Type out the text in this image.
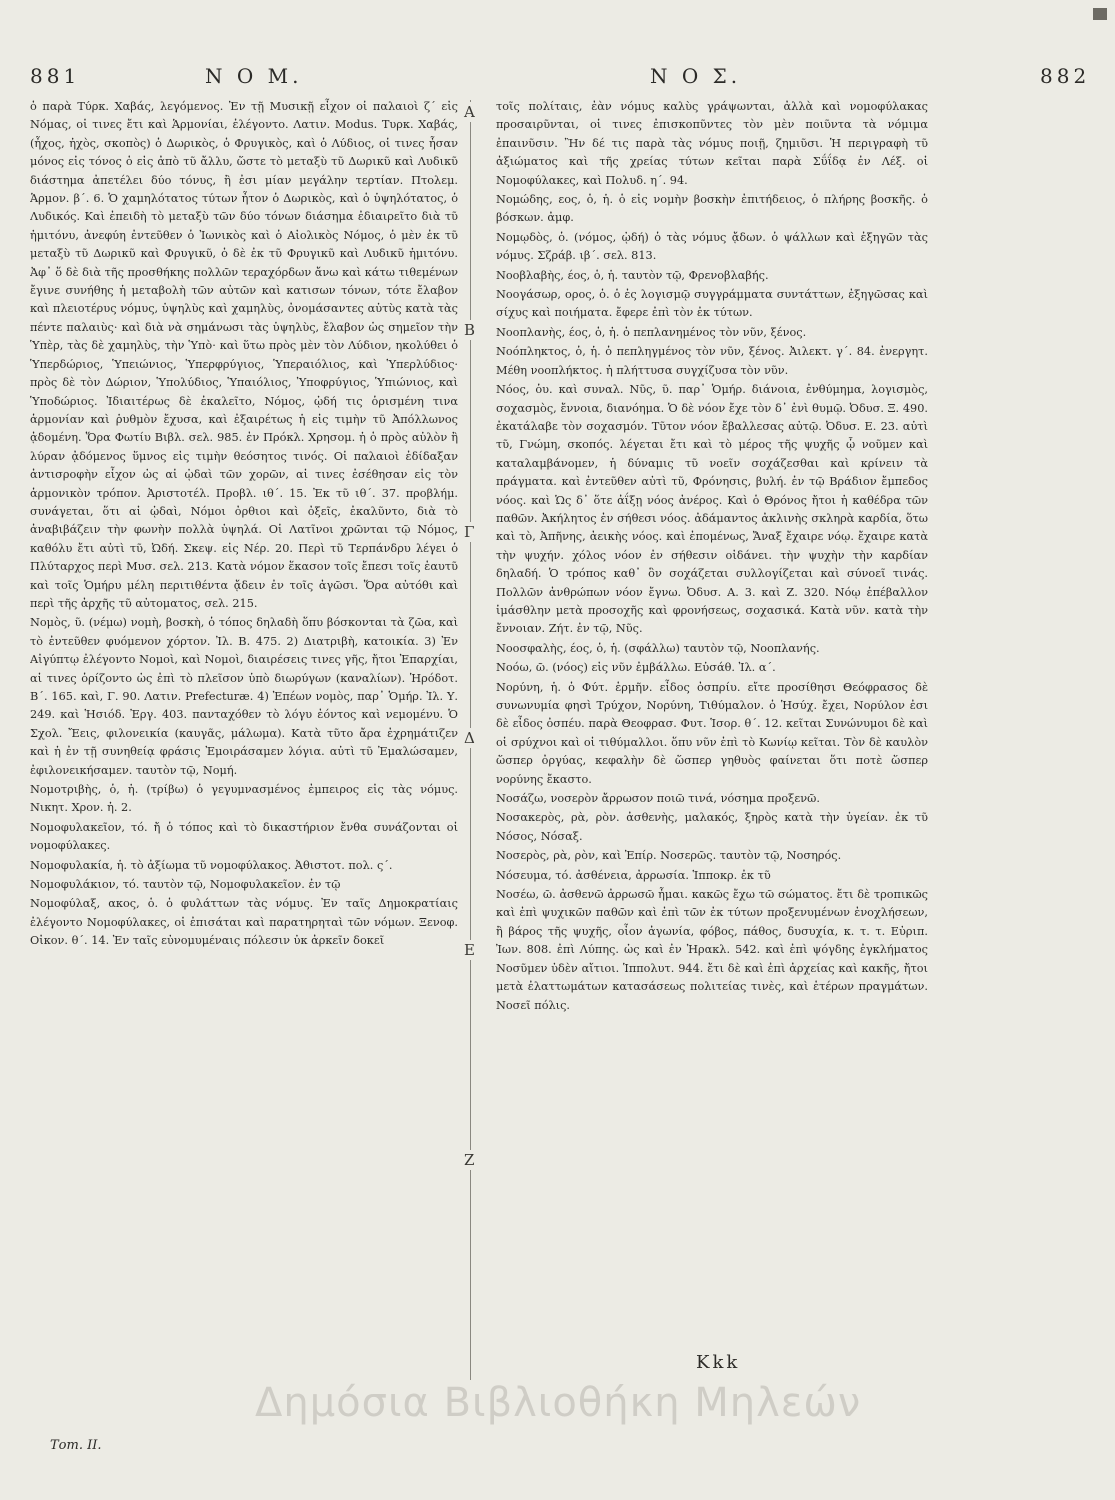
881	Ν Ο Μ.	Ν Ο Σ.	882

ὁ παρὰ Τύρκ. Χαβάς, λεγόμενος. Ἐν τῇ Μυσικῇ εἶχον οἱ παλαιοὶ ζ΄ εἰς Νόμας, οἱ τινες ἔτι καὶ Ἁρμονίαι, ἐλέγοντο. Λατιν. Modus. Τυρκ. Χαβάς, (ἦχος, ἠχὸς, σκοπὸς) ὁ Δωρικὸς, ὁ Φρυγικὸς, καὶ ὁ Λύδιος, οἱ τινες ἦσαν μόνος εἰς τόνος ὁ εἰς ἀπὸ τῦ ἄλλυ, ὥστε τὸ μεταξὺ τῦ Δωρικῦ καὶ Λυδικῦ διάστημα ἀπετέλει δύο τόνυς, ἢ ἐσι μίαν μεγάλην τερτίαν. Πτολεμ. Ἁρμον. β΄. 6. Ὁ χαμηλότατος τύτων ἦτον ὁ Δωρικὸς, καὶ ὁ ὑψηλότατος, ὁ Λυδικός. Καὶ ἐπειδὴ τὸ μεταξὺ τῶν δύο τόνων διάσημα ἐδιαιρεῖτο διὰ τῦ ἡμιτόνυ, ἀνεφύη ἐντεῦθεν ὁ Ἰωνικὸς καὶ ὁ Αἰολικὸς Νόμος, ὁ μὲν ἐκ τῦ μεταξὺ τῦ Δωρικῦ καὶ Φρυγικῦ, ὁ δὲ ἐκ τῦ Φρυγικῦ καὶ Λυδικῦ ἡμιτόνυ. Ἀφ᾿ ὅ δὲ διὰ τῆς προσθήκης πολλῶν τεραχόρδων ἄνω καὶ κάτω τιθεμένων ἔγινε συνήθης ἡ μεταβολὴ τῶν αὐτῶν καὶ κατισων τόνων, τότε ἔλαβον καὶ πλειοτέρυς νόμυς, ὑψηλὺς καὶ χαμηλὺς, ὀνομάσαντες αὐτὺς κατὰ τὰς πέντε παλαιὺς· καὶ διὰ νὰ σημάνωσι τὰς ὑψηλὺς, ἔλαβον ὡς σημεῖον τὴν Ὑπὲρ, τὰς δὲ χαμηλὺς, τὴν Ὑπὸ· καὶ ὕτω πρὸς μὲν τὸν Λύδιον, ηκολύθει ὁ Ὑπερδώριος, Ὑπειώνιος, Ὑπερφρύγιος, Ὑπεραιόλιος, καὶ Ὑπερλύδιος· πρὸς δὲ τὸν Δώριον, Ὑπολύδιος, Ὑπαιόλιος, Ὑποφρύγιος, Ὑπιώνιος, καὶ Ὑποδώριος. Ἰδιαιτέρως δὲ ἐκαλεῖτο, Νόμος, ᾠδή τις ὁρισμένη τινα ἁρμονίαν καὶ ῥυθμὸν ἔχυσα, καὶ ἐξαιρέτως ἡ εἰς τιμὴν τῦ Ἀπόλλωνος ᾀδομένη. Ὅρα Φωτίυ Βιβλ. σελ. 985. ἐν Πρόκλ. Χρησομ. ἡ ὁ πρὸς αὐλὸν ἢ λύραν ᾀδόμενος ὕμνος εἰς τιμὴν θεόσητος τινός. Οἱ παλαιοὶ ἐδίδαξαν ἀντισροφὴν εἶχον ὡς αἱ ᾠδαὶ τῶν χορῶν, αἱ τινες ἐσέθησαν εἰς τὸν ἁρμονικὸν τρόπον. Ἀριστοτέλ. Προβλ. ιθ΄. 15. Ἐκ τῦ ιθ΄. 37. προβλήμ. συνάγεται, ὅτι αἱ ᾠδαὶ, Νόμοι ὀρθιοι καὶ ὀξεῖς, ἐκαλῦντο, διὰ τὸ ἀναβιβάζειν τὴν φωνὴν πολλὰ ὑψηλά. Οἱ Λατῖνοι χρῶνται τῷ Νόμος, καθόλυ ἔτι αὐτὶ τῦ, Ὠδή. Σκεψ. εἰς Νέρ. 20. Περὶ τῦ Τερπάνδρυ λέγει ὁ Πλύταρχος περὶ Μυσ. σελ. 213. Κατὰ νόμον ἕκασον τοῖς ἔπεσι τοῖς ἑαυτῦ καὶ τοῖς Ὁμήρυ μέλη περιτιθέντα ᾄδειν ἐν τοῖς ἀγῶσι. Ὅρα αὐτόθι καὶ περὶ τῆς ἀρχῆς τῦ αὐτοματος, σελ. 215.

Νομὸς, ῦ. (νέμω) νομὴ, βοσκὴ, ὁ τόπος δηλαδὴ ὅπυ βόσκονται τὰ ζῶα, καὶ τὸ ἐντεῦθεν φυόμενον χόρτον. Ἰλ. Β. 475. 2) Διατριβὴ, κατοικία. 3) Ἐν Αἰγύπτῳ ἐλέγοντο Νομοὶ, καὶ Νομοὶ, διαιρέσεις τινες γῆς, ἤτοι Ἐπαρχίαι, αἱ τινες ὁρίζοντο ὡς ἐπὶ τὸ πλεῖσον ὑπὸ διωρύγων (καναλίων). Ἡρόδοτ. Β΄. 165. καὶ, Γ. 90. Λατιν. Prefecturæ. 4) Ἐπέων νομὸς, παρ᾿ Ὁμήρ. Ἰλ. Υ. 249. καὶ Ἡσιόδ. Ἐργ. 403. πανταχόθεν τὸ λόγυ ἐόντος καὶ νεμομένυ. Ὁ Σχολ. Ἔεις, φιλονεικία (καυγᾶς, μάλωμα). Κατὰ τῦτο ἄρα ἐχρημάτιζεν καὶ ἡ ἐν τῇ συνηθείᾳ φράσις Ἐμοιράσαμεν λόγια. αὐτὶ τῦ Ἐμαλώσαμεν, ἐφιλονεικήσαμεν. ταυτὸν τῷ, Νομή.

Νομοτριβὴς, ὁ, ἡ. (τρίβω) ὁ γεγυμνασμένος ἐμπειρος εἰς τὰς νόμυς. Νικητ. Χρον. ἡ. 2.

Νομοφυλακεῖον, τό. ἤ ὁ τόπος καὶ τὸ δικαστήριον ἔνθα συνάζονται οἱ νομοφύλακες.

Νομοφυλακία, ἡ. τὸ ἀξίωμα τῦ νομοφύλακος. Ἀθιστοτ. πολ. ς΄.

Νομοφυλάκιον, τό. ταυτὸν τῷ, Νομοφυλακεῖον. ἐν τῷ

Νομοφύλαξ, ακος, ὁ. ὁ φυλάττων τὰς νόμυς. Ἐν ταῖς Δημοκρατίαις ἐλέγοντο Νομοφύλακες, οἱ ἐπισάται καὶ παρατηρηταὶ τῶν νόμων. Ξενοφ. Οἰκον. θ΄. 14. Ἐν ταῖς εὐνομυμέναις πόλεσιν ὐκ ἀρκεῖν δοκεῖ

Α
Β
Γ
Δ
Ε
Ζ

τοῖς πολίταις, ἐὰν νόμυς καλὺς γράψωνται, ἀλλὰ καὶ νομοφύλακας προσαιρῦνται, οἱ τινες ἐπισκοπῦντες τὸν μὲν ποιῦντα τὰ νόμιμα ἐπαινῦσιν. Ἢν δέ τις παρὰ τὰς νόμυς ποιῇ, ζημιῦσι. Ἡ περιγραφὴ τῦ ἀξιώματος καὶ τῆς χρείας τύτων κεῖται παρὰ Σΰΐδᾳ ἐν Λέξ. οἱ Νομοφύλακες, καὶ Πολυδ. η΄. 94.

Νομώδης, εος, ὁ, ἡ. ὁ εἰς νομὴν βοσκὴν ἐπιτήδειος, ὁ πλήρης βοσκῆς. ὁ βόσκων. ἀμφ.

Νομῳδὸς, ὁ. (νόμος, ᾠδή) ὁ τὰς νόμυς ᾄδων. ὁ ψάλλων καὶ ἐξηγῶν τὰς νόμυς. Σζράβ. ιβ΄. σελ. 813.

Νοοβλαβὴς, έος, ὁ, ἡ. ταυτὸν τῷ, Φρενοβλαβής.

Νοογάσωρ, ορος, ὁ. ὁ ἐς λογισμῷ συγγράμματα συντάττων, ἐξηγῶσας καὶ σίχυς καὶ ποιήματα. ἔφερε ἐπὶ τὸν ἐκ τύτων.

Νοοπλανὴς, έος, ὁ, ἡ. ὁ πεπλανημένος τὸν νῦν, ξένος.

Νοόπληκτος, ὁ, ἡ. ὁ πεπληγμένος τὸν νῦν, ξένος. Ἀιλεκτ. γ΄. 84. ἐνεργητ. Μέθη νοοπλήκτος. ἡ πλήττυσα συγχίζυσα τὸν νῦν.

Νόος, ὁυ. καὶ συναλ. Νῦς, ῦ. παρ᾿ Ὁμήρ. διάνοια, ἐνθύμημα, λογισμὸς, σοχασμὸς, ἔννοια, διανόημα. Ὁ δὲ νόον ἔχε τὸν δ᾿ ἐνὶ θυμῷ. Ὀδυσ. Ξ. 490. ἐκατάλαβε τὸν σοχασμόν. Τῦτον νόον ἔβαλλεσας αὐτῷ. Ὀδυσ. Ε. 23. αὐτὶ τῦ, Γνώμη, σκοπός. λέγεται ἔτι καὶ τὸ μέρος τῆς ψυχῆς ᾧ νοῦμεν καὶ καταλαμβάνομεν, ἡ δύναμις τῦ νοεῖν σοχάζεσθαι καὶ κρίνειν τὰ πράγματα. καὶ ἐντεῦθεν αὐτὶ τῦ, Φρόνησις, βυλή. ἐν τῷ Βράδιον ἔμπεδος νόος. καὶ Ὡς δ᾿ ὅτε ἀΐξῃ νόος ἀνέρος. Καὶ ὁ Θρόνος ἤτοι ἡ καθέδρα τῶν παθῶν. Ἀκήλητος ἐν σήθεσι νόος. ἀδάμαντος ἀκλινὴς σκληρὰ καρδία, ὅτω καὶ τὸ, Ἀπῆνης, ἀεικὴς νόος. καὶ ἐπομένως, Ἄναξ ἔχαιρε νόῳ. ἔχαιρε κατὰ τὴν ψυχήν. χόλος νόον ἐν σήθεσιν οἰδάνει. τὴν ψυχὴν τὴν καρδίαν δηλαδή. Ὁ τρόπος καθ᾿ ὃν σοχάζεται συλλογίζεται καὶ σύνοεῖ τινάς. Πολλῶν ἀνθρώπων νόον ἔγνω. Ὀδυσ. Α. 3. καὶ Ζ. 320. Νόῳ ἐπέβαλλον ἱμάσθλην μετὰ προσοχῆς καὶ φρονήσεως, σοχασικά. Κατὰ νῦν. κατὰ τὴν ἔννοιαν. Ζήτ. ἐν τῷ, Νῦς.

Νοοσφαλὴς, έος, ὁ, ἡ. (σφάλλω) ταυτὸν τῷ, Νοοπλανής.

Νοόω, ῶ. (νόος) εἰς νῦν ἐμβάλλω. Εὐσάθ. Ἰλ. α΄.

Νορύνη, ἡ. ὁ Φύτ. ἑρμῆν. εἶδος ὀσπρίυ. εἴτε προσίθησι Θεόφρασος δὲ συνωνυμία φησὶ Τρύχον, Νορύνη, Τιθύμαλον. ὁ Ἡσύχ. ἔχει, Νορύλον ἐσι δὲ εἶδος ὀσπέυ. παρὰ Θεοφρασ. Φυτ. Ἱσορ. θ΄. 12. κεῖται Συνώνυμοι δὲ καὶ οἱ σρύχνοι καὶ οἱ τιθύμαλλοι. ὅπυ νῦν ἐπὶ τὸ Κωνίῳ κεῖται. Τὸν δὲ καυλὸν ὥσπερ ὀργύας, κεφαλὴν δὲ ὥσπερ γηθυὸς φαίνεται ὅτι ποτὲ ὥσπερ νορύνης ἔκαστο.

Νοσάζω, νοσερὸν ἄρρωσον ποιῶ τινά, νόσημα προξενῶ.

Νοσακερὸς, ρὰ, ρὸν. ἀσθενὴς, μαλακός, ξηρὸς κατὰ τὴν ὑγείαν. ἐκ τῦ Νόσος, Νόσαξ.

Νοσερὸς, ρὰ, ρὸν, καὶ Ἐπίρ. Νοσερῶς. ταυτὸν τῷ, Νοσηρός.

Νόσευμα, τό. ἀσθένεια, ἀρρωσία. Ἱπποκρ. ἐκ τῦ

Νοσέω, ῶ. ἀσθενῶ ἀρρωσῶ ἦμαι. κακῶς ἔχω τῶ σώματος. ἔτι δὲ τροπικῶς καὶ ἐπὶ ψυχικῶν παθῶν καὶ ἐπὶ τῶν ἐκ τύτων προξενυμένων ἐνοχλήσεων, ἢ βάρος τῆς ψυχῆς, οἷον ἀγωνία, φόβος, πάθος, δυσυχία, κ. τ. τ. Εὐριπ. Ἰων. 808. ἐπὶ Λύπης. ὡς καὶ ἐν Ἡρακλ. 542. καὶ ἐπὶ ψόγδης ἐγκλήματος Νοσῦμεν ὐδὲν αἴτιοι. Ἱππολυτ. 944. ἔτι δὲ καὶ ἐπὶ ἀρχείας καὶ κακῆς, ἤτοι μετὰ ἐλαττωμάτων κατασάσεως πολιτείας τινὲς, καὶ ἑτέρων πραγμάτων. Νοσεῖ πόλις.

Kkk
Τom. II.
Δημόσια Βιβλιοθήκη Μηλεών
